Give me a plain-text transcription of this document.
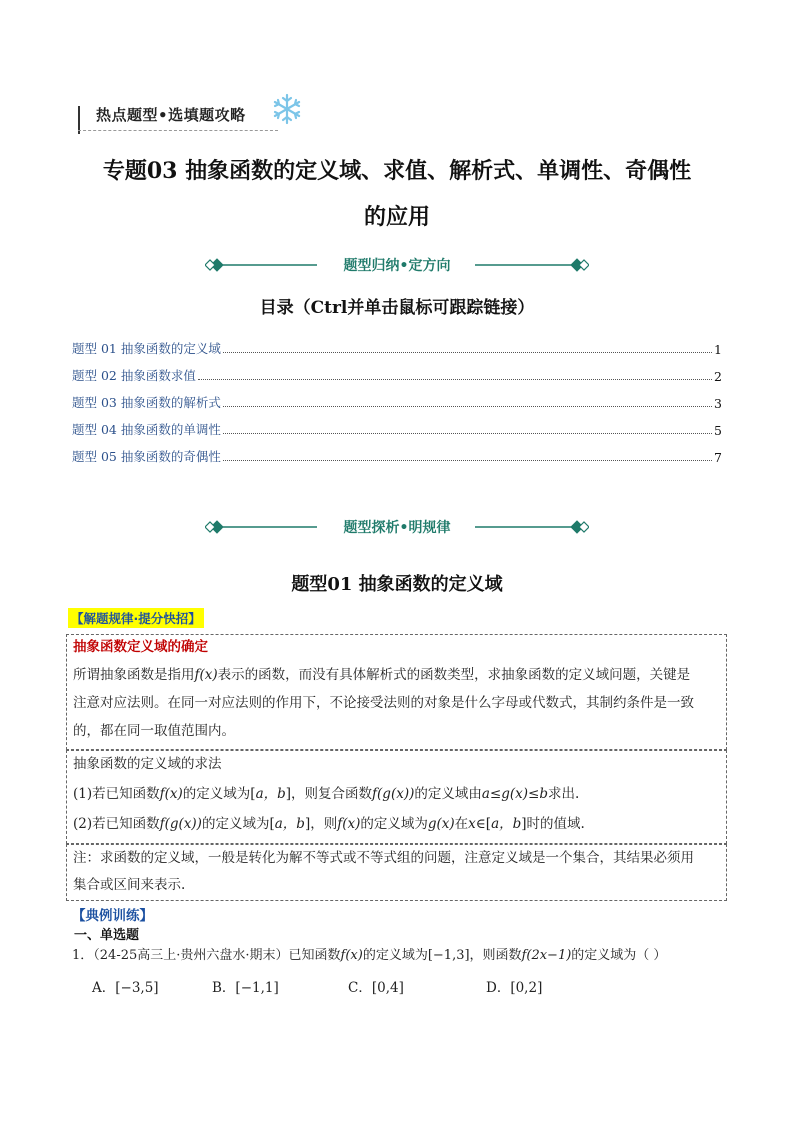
热点题型•选填题攻略
专题03 抽象函数的定义域、求值、解析式、单调性、奇偶性
的应用
题型归纳•定方向
目录（Ctrl并单击鼠标可跟踪链接）
题型 01 抽象函数的定义域	1
题型 02 抽象函数求值	2
题型 03 抽象函数的解析式	3
题型 04 抽象函数的单调性	5
题型 05 抽象函数的奇偶性	7
题型探析•明规律
题型01 抽象函数的定义域
【解题规律·提分快招】
抽象函数定义域的确定
所谓抽象函数是指用f(x)表示的函数，而没有具体解析式的函数类型，求抽象函数的定义域问题，关键是
注意对应法则。在同一对应法则的作用下，不论接受法则的对象是什么字母或代数式，其制约条件是一致
的，都在同一取值范围内。
抽象函数的定义域的求法
(1)若已知函数f(x)的定义域为[a，b]，则复合函数f(g(x))的定义域由a≤g(x)≤b求出.
(2)若已知函数f(g(x))的定义域为[a，b]，则f(x)的定义域为g(x)在x∈[a，b]时的值域.
注：求函数的定义域，一般是转化为解不等式或不等式组的问题，注意定义域是一个集合，其结果必须用
集合或区间来表示.
【典例训练】
一、单选题
1．（24-25高三上·贵州六盘水·期末）已知函数f(x)的定义域为[−1,3]，则函数f(2x−1)的定义域为（ ）
A．[−3,5]	B．[−1,1]	C．[0,4]	D．[0,2]
